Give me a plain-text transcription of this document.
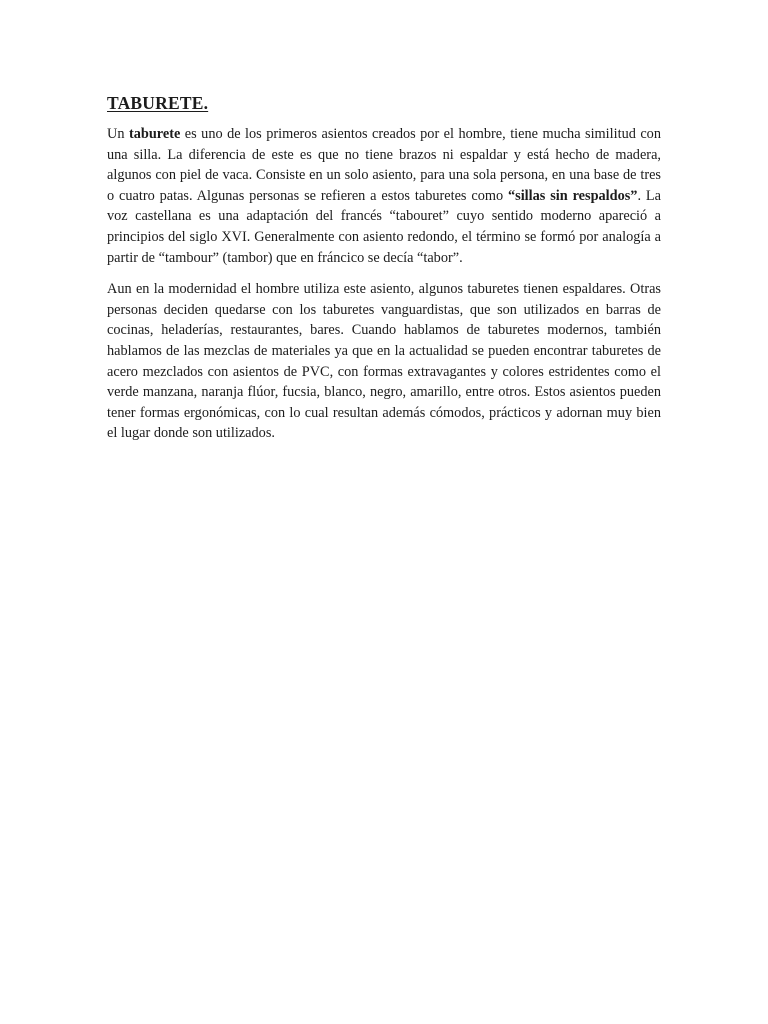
TABURETE.

Un taburete es uno de los primeros asientos creados por el hombre, tiene mucha similitud con una silla. La diferencia de este es que no tiene brazos ni espaldar y está hecho de madera, algunos con piel de vaca. Consiste en un solo asiento, para una sola persona, en una base de tres o cuatro patas. Algunas personas se refieren a estos taburetes como “sillas sin respaldos”. La voz castellana es una adaptación del francés “tabouret” cuyo sentido moderno apareció a principios del siglo XVI. Generalmente con asiento redondo, el término se formó por analogía a partir de “tambour” (tambor) que en fráncico se decía “tabor”.

Aun en la modernidad el hombre utiliza este asiento, algunos taburetes tienen espaldares. Otras personas deciden quedarse con los taburetes vanguardistas, que son utilizados en barras de cocinas, heladerías, restaurantes, bares. Cuando hablamos de taburetes modernos, también hablamos de las mezclas de materiales ya que en la actualidad se pueden encontrar taburetes de acero mezclados con asientos de PVC, con formas extravagantes y colores estridentes como el verde manzana, naranja flúor, fucsia, blanco, negro, amarillo, entre otros. Estos asientos pueden tener formas ergonómicas, con lo cual resultan además cómodos, prácticos y adornan muy bien el lugar donde son utilizados.
